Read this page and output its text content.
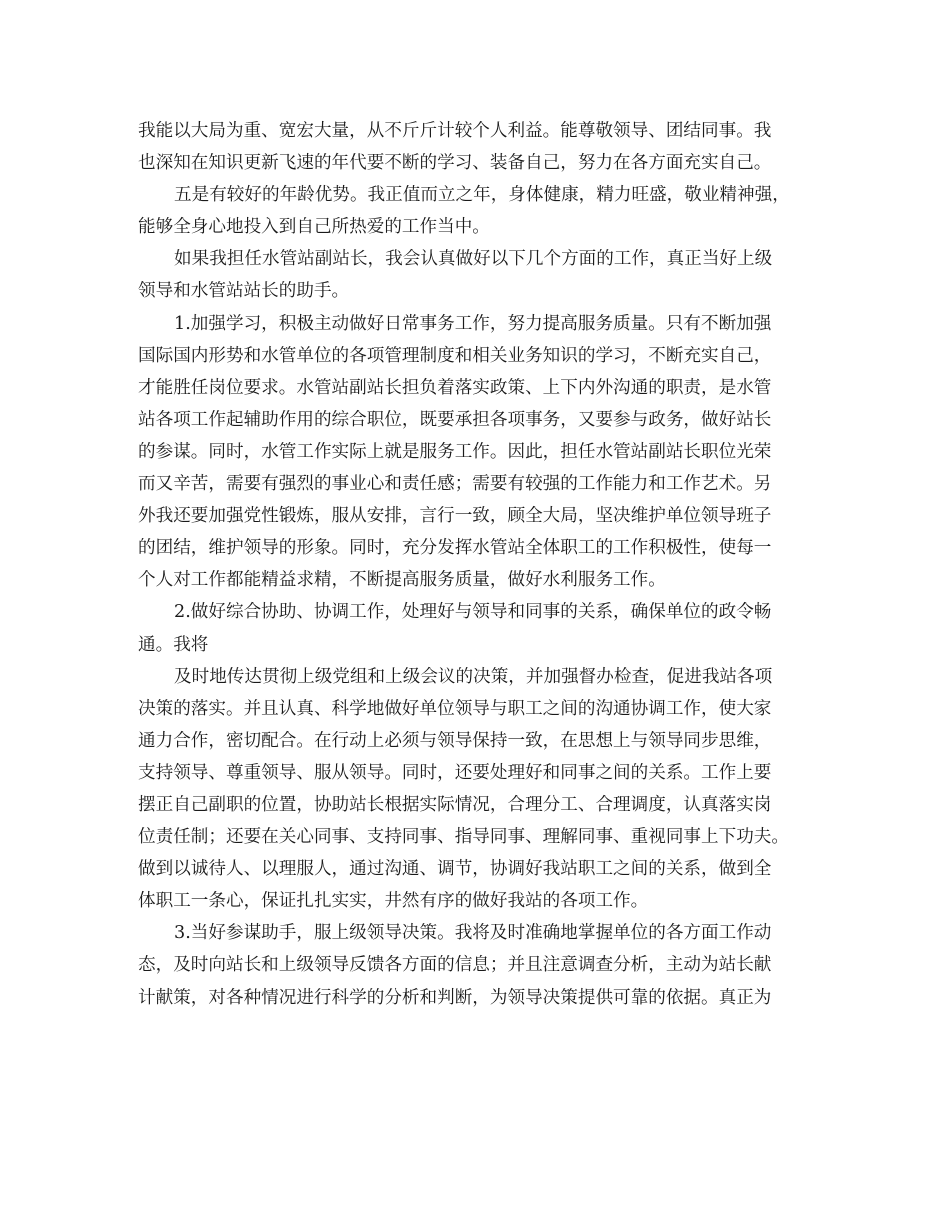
我能以大局为重、宽宏大量，从不斤斤计较个人利益。能尊敬领导、团结同事。我
也深知在知识更新飞速的年代要不断的学习、装备自己，努力在各方面充实自己。
五是有较好的年龄优势。我正值而立之年，身体健康，精力旺盛，敬业精神强，
能够全身心地投入到自己所热爱的工作当中。
如果我担任水管站副站长，我会认真做好以下几个方面的工作，真正当好上级
领导和水管站站长的助手。
1.加强学习，积极主动做好日常事务工作，努力提高服务质量。只有不断加强
国际国内形势和水管单位的各项管理制度和相关业务知识的学习，不断充实自己，
才能胜任岗位要求。水管站副站长担负着落实政策、上下内外沟通的职责，是水管
站各项工作起辅助作用的综合职位，既要承担各项事务，又要参与政务，做好站长
的参谋。同时，水管工作实际上就是服务工作。因此，担任水管站副站长职位光荣
而又辛苦，需要有强烈的事业心和责任感；需要有较强的工作能力和工作艺术。另
外我还要加强党性锻炼，服从安排，言行一致，顾全大局，坚决维护单位领导班子
的团结，维护领导的形象。同时，充分发挥水管站全体职工的工作积极性，使每一
个人对工作都能精益求精，不断提高服务质量，做好水利服务工作。
2.做好综合协助、协调工作，处理好与领导和同事的关系，确保单位的政令畅
通。我将
及时地传达贯彻上级党组和上级会议的决策，并加强督办检查，促进我站各项
决策的落实。并且认真、科学地做好单位领导与职工之间的沟通协调工作，使大家
通力合作，密切配合。在行动上必须与领导保持一致，在思想上与领导同步思维，
支持领导、尊重领导、服从领导。同时，还要处理好和同事之间的关系。工作上要
摆正自己副职的位置，协助站长根据实际情况，合理分工、合理调度，认真落实岗
位责任制；还要在关心同事、支持同事、指导同事、理解同事、重视同事上下功夫。
做到以诚待人、以理服人，通过沟通、调节，协调好我站职工之间的关系，做到全
体职工一条心，保证扎扎实实，井然有序的做好我站的各项工作。
3.当好参谋助手，服上级领导决策。我将及时准确地掌握单位的各方面工作动
态，及时向站长和上级领导反馈各方面的信息；并且注意调查分析，主动为站长献
计献策，对各种情况进行科学的分析和判断，为领导决策提供可靠的依据。真正为
